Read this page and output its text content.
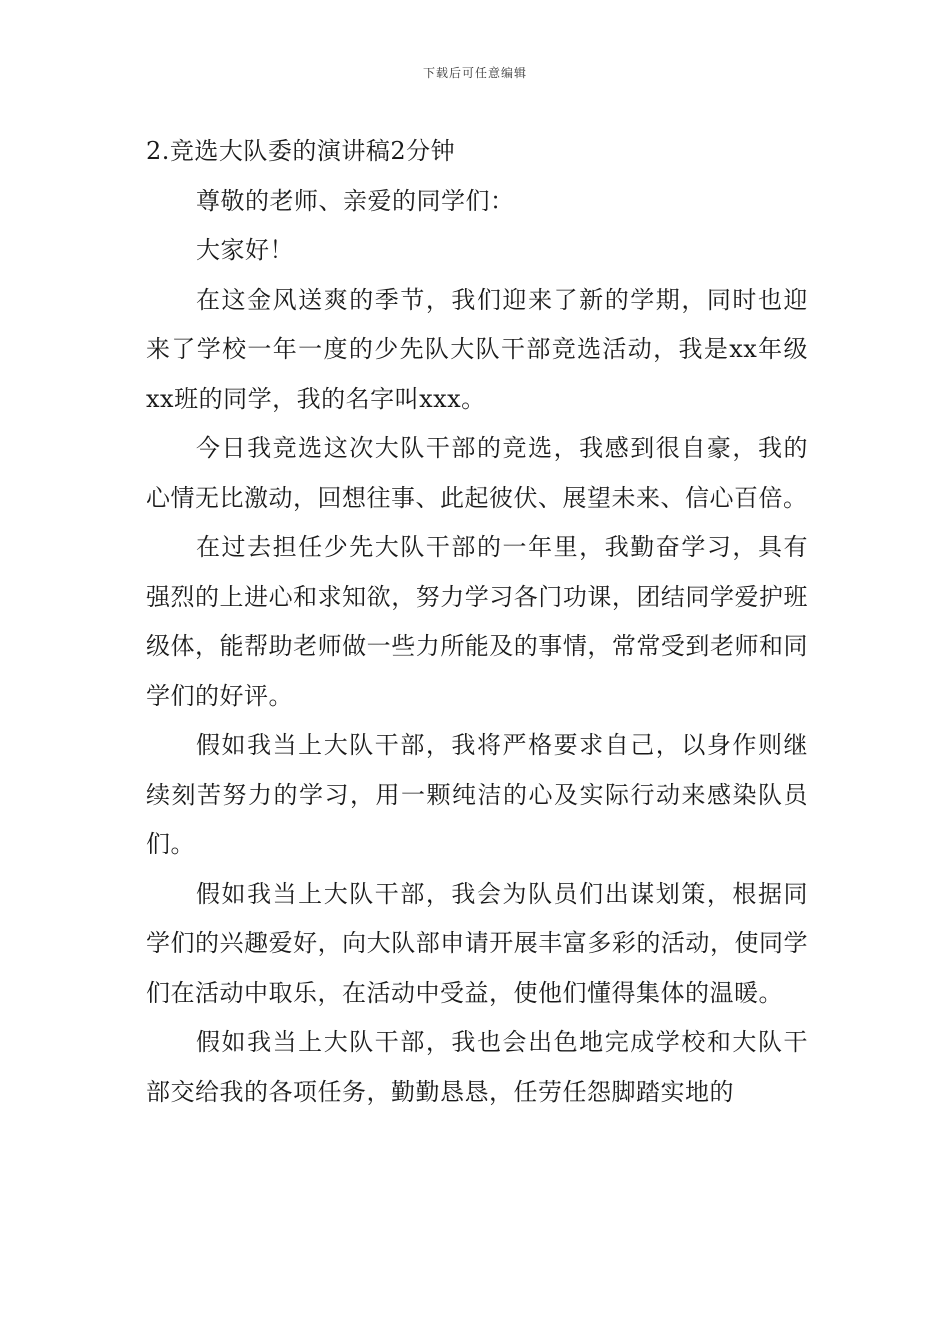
下载后可任意编辑
2.竞选大队委的演讲稿2分钟

尊敬的老师、亲爱的同学们：

大家好！

在这金风送爽的季节，我们迎来了新的学期，同时也迎来了学校一年一度的少先队大队干部竞选活动，我是xx年级xx班的同学，我的名字叫xxx。

今日我竞选这次大队干部的竞选，我感到很自豪，我的心情无比激动，回想往事、此起彼伏、展望未来、信心百倍。

在过去担任少先大队干部的一年里，我勤奋学习，具有强烈的上进心和求知欲，努力学习各门功课，团结同学爱护班级体，能帮助老师做一些力所能及的事情，常常受到老师和同学们的好评。

假如我当上大队干部，我将严格要求自己，以身作则继续刻苦努力的学习，用一颗纯洁的心及实际行动来感染队员们。

假如我当上大队干部，我会为队员们出谋划策，根据同学们的兴趣爱好，向大队部申请开展丰富多彩的活动，使同学们在活动中取乐，在活动中受益，使他们懂得集体的温暖。

假如我当上大队干部，我也会出色地完成学校和大队干部交给我的各项任务，勤勤恳恳，任劳任怨脚踏实地的
